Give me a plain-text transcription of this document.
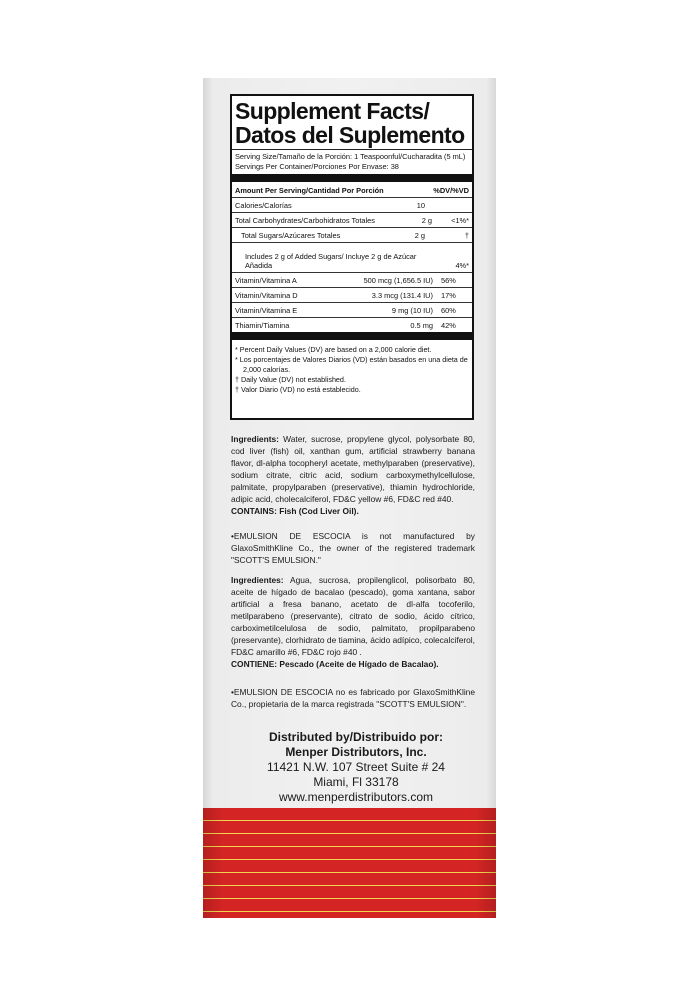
Supplement Facts/
Datos del Suplemento
Serving Size/Tamaño de la Porción: 1 Teaspoonful/Cucharadita (5 mL)
Servings Per Container/Porciones Por Envase: 38
Amount Per Serving/Cantidad Por Porción	%DV/%VD
Calories/Calorías	10
Total Carbohydrates/Carbohidratos Totales	2 g	<1%*
Total Sugars/Azúcares Totales	2 g	†
Includes 2 g of Added Sugars/ Incluye 2 g de Azúcar Añadida	4%*
Vitamin/Vitamina A	500 mcg (1,656.5 IU)	56%
Vitamin/Vitamina D	3.3 mcg (131.4 IU)	17%
Vitamin/Vitamina E	9 mg (10 IU)	60%
Thiamin/Tiamina	0.5 mg	42%
* Percent Daily Values (DV) are based on a 2,000 calorie diet.
* Los porcentajes de Valores Diarios (VD) están basados en una dieta de 2,000 calorías.
† Daily Value (DV) not established.
† Valor Diario (VD) no está establecido.
Ingredients: Water, sucrose, propylene glycol, polysorbate 80, cod liver (fish) oil, xanthan gum, artificial strawberry banana flavor, dl-alpha tocopheryl acetate, methylparaben (preservative), sodium citrate, citric acid, sodium carboxymethylcellulose, palmitate, propylparaben (preservative), thiamin hydrochloride, adipic acid, cholecalciferol, FD&C yellow #6, FD&C red #40.
CONTAINS: Fish (Cod Liver Oil).
•EMULSION DE ESCOCIA is not manufactured by GlaxoSmithKline Co., the owner of the registered trademark "SCOTT'S EMULSION."
Ingredientes: Agua, sucrosa, propilenglicol, polisorbato 80, aceite de hígado de bacalao (pescado), goma xantana, sabor artificial a fresa banano, acetato de dl-alfa tocoferilo, metilparabeno (preservante), citrato de sodio, ácido cítrico, carboximetilcelulosa de sodio, palmitato, propilparabeno (preservante), clorhidrato de tiamina, ácido adípico, colecalciferol, FD&C amarillo #6, FD&C rojo #40 .
CONTIENE: Pescado (Aceite de Hígado de Bacalao).
•EMULSION DE ESCOCIA no es fabricado por GlaxoSmithKline Co., propietaria de la marca registrada "SCOTT'S EMULSION".
Distributed by/Distribuido por:
Menper Distributors, Inc.
11421 N.W. 107 Street Suite # 24
Miami, Fl 33178
www.menperdistributors.com
